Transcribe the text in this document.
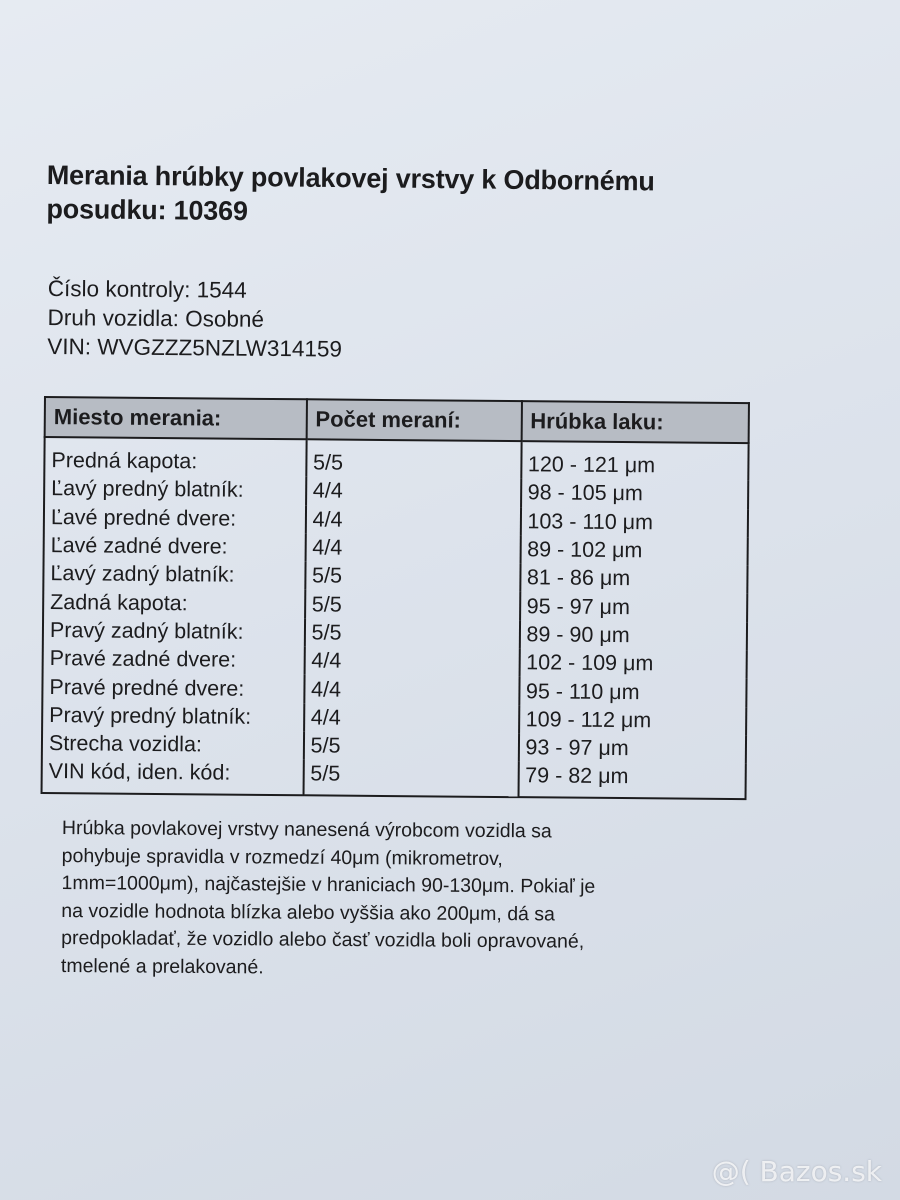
Merania hrúbky povlakovej vrstvy k Odbornému
posudku: 10369
Číslo kontroly: 1544
Druh vozidla: Osobné
VIN: WVGZZZ5NZLW314159
Miesto merania:	Počet meraní:	Hrúbka laku:
Predná kapota:	5/5	120 - 121 μm
Ľavý predný blatník:	4/4	98 - 105 μm
Ľavé predné dvere:	4/4	103 - 110 μm
Ľavé zadné dvere:	4/4	89 - 102 μm
Ľavý zadný blatník:	5/5	81 - 86 μm
Zadná kapota:	5/5	95 - 97 μm
Pravý zadný blatník:	5/5	89 - 90 μm
Pravé zadné dvere:	4/4	102 - 109 μm
Pravé predné dvere:	4/4	95 - 110 μm
Pravý predný blatník:	4/4	109 - 112 μm
Strecha vozidla:	5/5	93 - 97 μm
VIN kód, iden. kód:	5/5	79 - 82 μm
Hrúbka povlakovej vrstvy nanesená výrobcom vozidla sa
pohybuje spravidla v rozmedzí 40μm (mikrometrov,
1mm=1000μm), najčastejšie v hraniciach 90-130μm. Pokiaľ je
na vozidle hodnota blízka alebo vyššia ako 200μm, dá sa
predpokladať, že vozidlo alebo časť vozidla boli opravované,
tmelené a prelakované.
@( Bazos.sk
